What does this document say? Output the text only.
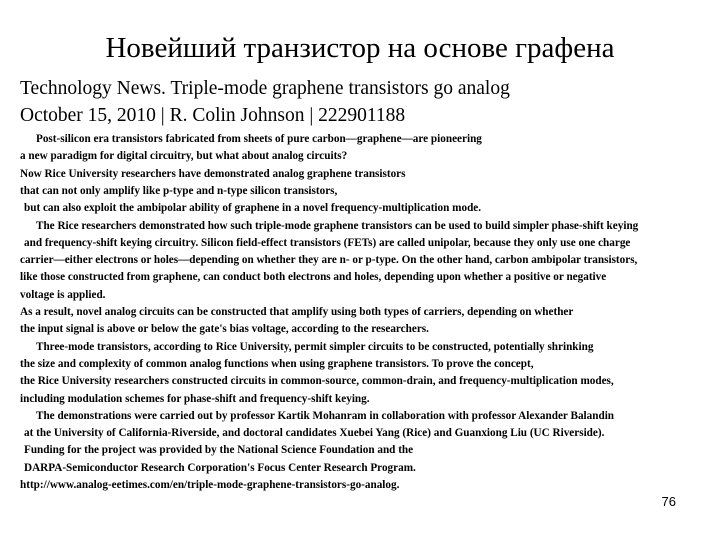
Новейший транзистор на основе графена
Technology News. Triple-mode graphene transistors go analog
October 15, 2010 | R. Colin Johnson | 222901188
Post-silicon era transistors fabricated from sheets of pure carbon—graphene—are pioneering
a new paradigm for digital circuitry, but what about analog circuits?
Now Rice University researchers have demonstrated analog graphene transistors
that can not only amplify like p-type and n-type silicon transistors,
but can also exploit the ambipolar ability of graphene in a novel frequency-multiplication mode.
The Rice researchers demonstrated how such triple-mode graphene transistors can be used to build simpler phase-shift keying
and frequency-shift keying circuitry. Silicon field-effect transistors (FETs) are called unipolar, because they only use one charge
carrier—either electrons or holes—depending on whether they are n- or p-type. On the other hand, carbon ambipolar transistors,
like those constructed from graphene, can conduct both electrons and holes, depending upon whether a positive or negative
voltage is applied.
As a result, novel analog circuits can be constructed that amplify using both types of carriers, depending on whether
the input signal is above or below the gate's bias voltage, according to the researchers.
Three-mode transistors, according to Rice University, permit simpler circuits to be constructed, potentially shrinking
the size and complexity of common analog functions when using graphene transistors. To prove the concept,
the Rice University researchers constructed circuits in common-source, common-drain, and frequency-multiplication modes,
including modulation schemes for phase-shift and frequency-shift keying.
The demonstrations were carried out by professor Kartik Mohanram in collaboration with professor Alexander Balandin
at the University of California-Riverside, and doctoral candidates Xuebei Yang (Rice) and Guanxiong Liu (UC Riverside).
Funding for the project was provided by the National Science Foundation and the
DARPA-Semiconductor Research Corporation's Focus Center Research Program.
http://www.analog-eetimes.com/en/triple-mode-graphene-transistors-go-analog.
76
